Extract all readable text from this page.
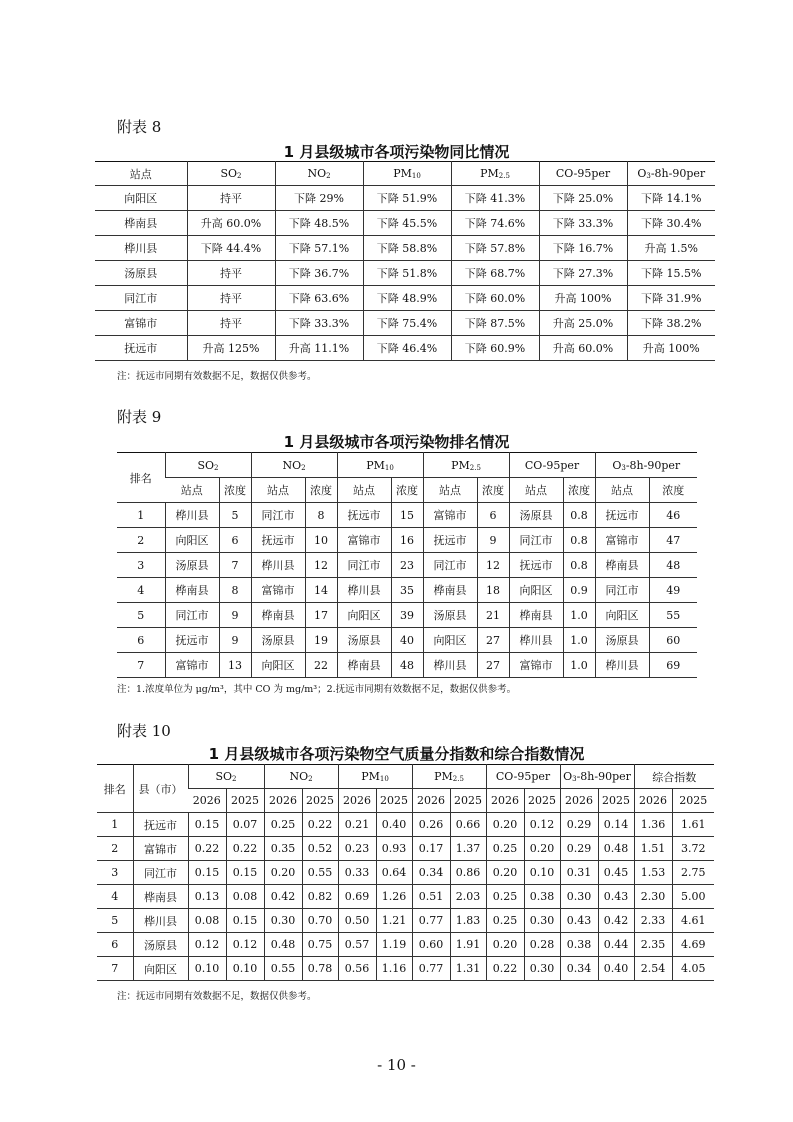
附表 8
1 月县级城市各项污染物同比情况
站点	$SO_2$	$NO_2$	$PM_{10}$	$PM_{2.5}$	CO-95per	$O_3-8h-90per$
向阳区	持平	下降 29%	下降 51.9%	下降 41.3%	下降 25.0%	下降 14.1%
桦南县	升高 60.0%	下降 48.5%	下降 45.5%	下降 74.6%	下降 33.3%	下降 30.4%
桦川县	下降 44.4%	下降 57.1%	下降 58.8%	下降 57.8%	下降 16.7%	升高 1.5%
汤原县	持平	下降 36.7%	下降 51.8%	下降 68.7%	下降 27.3%	下降 15.5%
同江市	持平	下降 63.6%	下降 48.9%	下降 60.0%	升高 100%	下降 31.9%
富锦市	持平	下降 33.3%	下降 75.4%	下降 87.5%	升高 25.0%	下降 38.2%
抚远市	升高 125%	升高 11.1%	下降 46.4%	下降 60.9%	升高 60.0%	升高 100%
注：抚远市同期有效数据不足，数据仅供参考。
附表 9
1 月县级城市各项污染物排名情况
排名	$SO_2$		$NO_2$		$PM_{10}$		$PM_{2.5}$		CO-95per		$O_3-8h-90per$	
	站点	浓度	站点	浓度	站点	浓度	站点	浓度	站点	浓度	站点	浓度
1	桦川县	5	同江市	8	抚远市	15	富锦市	6	汤原县	0.8	抚远市	46
2	向阳区	6	抚远市	10	富锦市	16	抚远市	9	同江市	0.8	富锦市	47
3	汤原县	7	桦川县	12	同江市	23	同江市	12	抚远市	0.8	桦南县	48
4	桦南县	8	富锦市	14	桦川县	35	桦南县	18	向阳区	0.9	同江市	49
5	同江市	9	桦南县	17	向阳区	39	汤原县	21	桦南县	1.0	向阳区	55
6	抚远市	9	汤原县	19	汤原县	40	向阳区	27	桦川县	1.0	汤原县	60
7	富锦市	13	向阳区	22	桦南县	48	桦川县	27	富锦市	1.0	桦川县	69
注：1.浓度单位为 μg/m³，其中 CO 为 mg/m³；2.抚远市同期有效数据不足，数据仅供参考。
附表 10
1 月县级城市各项污染物空气质量分指数和综合指数情况
排名	县（市）	$SO_2$		$NO_2$		$PM_{10}$		$PM_{2.5}$		CO-95per		$O_3-8h-90per$		综合指数	
		2026	2025	2026	2025	2026	2025	2026	2025	2026	2025	2026	2025	2026	2025
1	抚远市	0.15	0.07	0.25	0.22	0.21	0.40	0.26	0.66	0.20	0.12	0.29	0.14	1.36	1.61
2	富锦市	0.22	0.22	0.35	0.52	0.23	0.93	0.17	1.37	0.25	0.20	0.29	0.48	1.51	3.72
3	同江市	0.15	0.15	0.20	0.55	0.33	0.64	0.34	0.86	0.20	0.10	0.31	0.45	1.53	2.75
4	桦南县	0.13	0.08	0.42	0.82	0.69	1.26	0.51	2.03	0.25	0.38	0.30	0.43	2.30	5.00
5	桦川县	0.08	0.15	0.30	0.70	0.50	1.21	0.77	1.83	0.25	0.30	0.43	0.42	2.33	4.61
6	汤原县	0.12	0.12	0.48	0.75	0.57	1.19	0.60	1.91	0.20	0.28	0.38	0.44	2.35	4.69
7	向阳区	0.10	0.10	0.55	0.78	0.56	1.16	0.77	1.31	0.22	0.30	0.34	0.40	2.54	4.05
注：抚远市同期有效数据不足，数据仅供参考。
- 10 -
